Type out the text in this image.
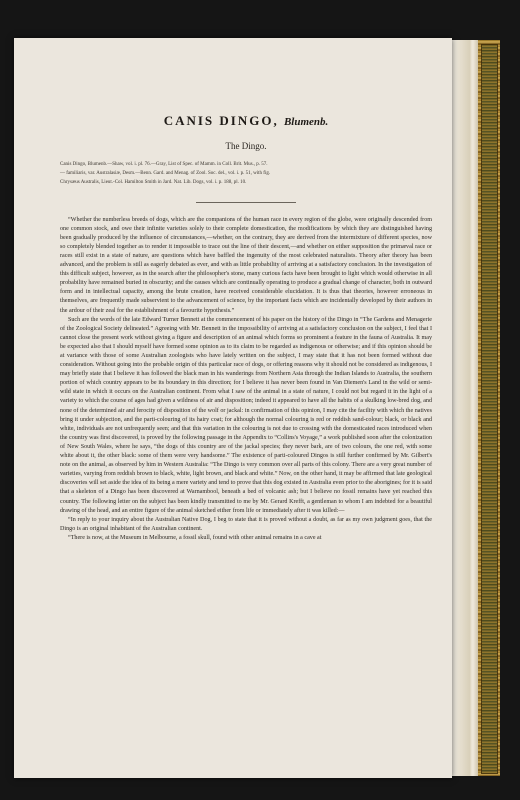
CANIS DINGO, Blumenb.
The Dingo.

Canis Dingo, Blumenb.—Shaw, vol. i. pl. 76.—Gray, List of Spec. of Mamm. in Coll. Brit. Mus., p. 57.

— familiaris, var. Australasiæ, Desm.—Benn. Gard. and Menag. of Zool. Soc. del., vol. i. p. 51, with fig.

Chrysæus Australis, Lieut.-Col. Hamilton Smith in Jard. Nat. Lib. Dogs, vol. i. p. 188, pl. 10.

“Whether the numberless breeds of dogs, which are the companions of the human race in every region of the globe, were originally descended from one common stock, and owe their infinite varieties solely to their complete domestication, the modifications by which they are distinguished having been gradually produced by the influence of circumstances,—whether, on the contrary, they are derived from the intermixture of different species, now so completely blended together as to render it impossible to trace out the line of their descent,—and whether on either supposition the primæval race or races still exist in a state of nature, are questions which have baffled the ingenuity of the most celebrated naturalists. Theory after theory has been advanced, and the problem is still as eagerly debated as ever, and with as little probability of arriving at a satisfactory conclusion. In the investigation of this difficult subject, however, as in the search after the philosopher's stone, many curious facts have been brought to light which would otherwise in all probability have remained buried in obscurity; and the causes which are continually operating to produce a gradual change of character, both in outward form and in intellectual capacity, among the brute creation, have received considerable elucidation. It is thus that theories, however erroneous in themselves, are frequently made subservient to the advancement of science, by the important facts which are incidentally developed by their authors in the ardour of their zeal for the establishment of a favourite hypothesis.”

Such are the words of the late Edward Turner Bennett at the commencement of his paper on the history of the Dingo in “The Gardens and Menagerie of the Zoological Society delineated.” Agreeing with Mr. Bennett in the impossibility of arriving at a satisfactory conclusion on the subject, I feel that I cannot close the present work without giving a figure and description of an animal which forms so prominent a feature in the fauna of Australia. It may be expected also that I should myself have formed some opinion as to its claim to be regarded as indigenous or otherwise; and if this opinion should be at variance with those of some Australian zoologists who have lately written on the subject, I may state that it has not been formed without due consideration. Without going into the probable origin of this particular race of dogs, or offering reasons why it should not be considered as indigenous, I may briefly state that I believe it has followed the black man in his wanderings from Northern Asia through the Indian Islands to Australia, the southern portion of which country appears to be its boundary in this direction; for I believe it has never been found in Van Diemen's Land in the wild or semi-wild state in which it occurs on the Australian continent. From what I saw of the animal in a state of nature, I could not but regard it in the light of a variety to which the course of ages had given a wildness of air and disposition; indeed it appeared to have all the habits of a skulking low-bred dog, and none of the determined air and ferocity of disposition of the wolf or jackal: in confirmation of this opinion, I may cite the facility with which the natives bring it under subjection, and the parti-colouring of its hairy coat; for although the normal colouring is red or reddish sand-colour; black, or black and white, individuals are not unfrequently seen; and that this variation in the colouring is not due to crossing with the domesticated races introduced when the country was first discovered, is proved by the following passage in the Appendix to “Collins's Voyage,” a work published soon after the colonization of New South Wales, where he says, “the dogs of this country are of the jackal species; they never bark, are of two colours, the one red, with some white about it, the other black: some of them were very handsome.” The existence of parti-coloured Dingos is still further confirmed by Mr. Gilbert's note on the animal, as observed by him in Western Australia: “The Dingo is very common over all parts of this colony. There are a very great number of varieties, varying from reddish brown to black, white, light brown, and black and white.” Now, on the other hand, it may be affirmed that late geological discoveries will set aside the idea of its being a mere variety and tend to prove that this dog existed in Australia even prior to the aborigines; for it is said that a skeleton of a Dingo has been discovered at Warnambool, beneath a bed of volcanic ash; but I believe no fossil remains have yet reached this country. The following letter on the subject has been kindly transmitted to me by Mr. Gerard Krefft, a gentleman to whom I am indebted for a beautiful drawing of the head, and an entire figure of the animal sketched either from life or immediately after it was killed:—

“In reply to your inquiry about the Australian Native Dog, I beg to state that it is proved without a doubt, as far as my own judgment goes, that the Dingo is an original inhabitant of the Australian continent.

“There is now, at the Museum in Melbourne, a fossil skull, found with other animal remains in a cave at
